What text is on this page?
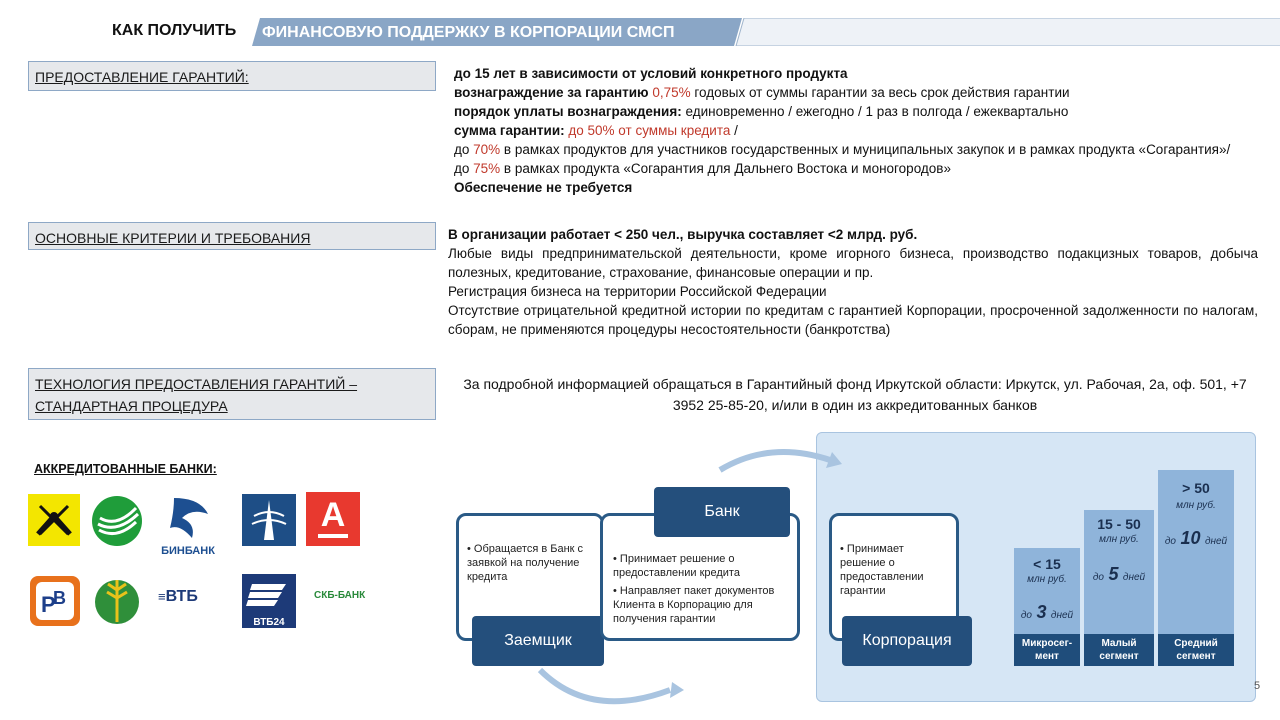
КАК ПОЛУЧИТЬ ФИНАНСОВУЮ ПОДДЕРЖКУ В КОРПОРАЦИИ СМСП
ПРЕДОСТАВЛЕНИЕ ГАРАНТИЙ:
ОСНОВНЫЕ КРИТЕРИИ И ТРЕБОВАНИЯ
ТЕХНОЛОГИЯ ПРЕДОСТАВЛЕНИЯ ГАРАНТИЙ –
СТАНДАРТНАЯ ПРОЦЕДУРА
до 15 лет в зависимости от условий конкретного продукта
вознаграждение за гарантию 0,75% годовых от суммы гарантии за весь срок действия гарантии
порядок уплаты вознаграждения: единовременно / ежегодно / 1 раз в полгода / ежеквартально
сумма гарантии: до 50% от суммы кредита /
до 70% в рамках продуктов для участников государственных и муниципальных закупок и в рамках продукта «Согарантия»/
до 75% в рамках продукта «Согарантия для Дальнего Востока и моногородов»
Обеспечение не требуется
В организации работает < 250 чел., выручка составляет <2 млрд. руб.
Любые виды предпринимательской деятельности, кроме игорного бизнеса, производство подакцизных товаров, добыча полезных, кредитование, страхование, финансовые операции и пр.
Регистрация бизнеса на территории Российской Федерации
Отсутствие отрицательной кредитной истории по кредитам с гарантией Корпорации, просроченной задолженности по налогам, сборам, не применяются процедуры несостоятельности (банкротства)
За подробной информацией обращаться в Гарантийный фонд Иркутской области: Иркутск, ул. Рабочая, 2а, оф. 501, +7 3952 25‐85‐20, и/или в один из аккредитованных банков
АККРЕДИТОВАННЫЕ БАНКИ:
БИНБАНК
А
P
B	≡ВТБ
ВТБ24
СКБ-БАНК
• Обращается в Банк с заявкой на получение кредита
Заемщик
• Принимает решение о предоставлении кредита
• Направляет пакет документов Клиента в Корпорацию для получения гарантии
Банк
• Принимает решение о предоставлении гарантии
Корпорация
< 15
млн руб.
до 3 дней
Микросег-
мент
15 - 50
млн руб.
до 5 дней
Малый
сегмент
> 50
млн руб.
до 10 дней
Средний
сегмент
5
